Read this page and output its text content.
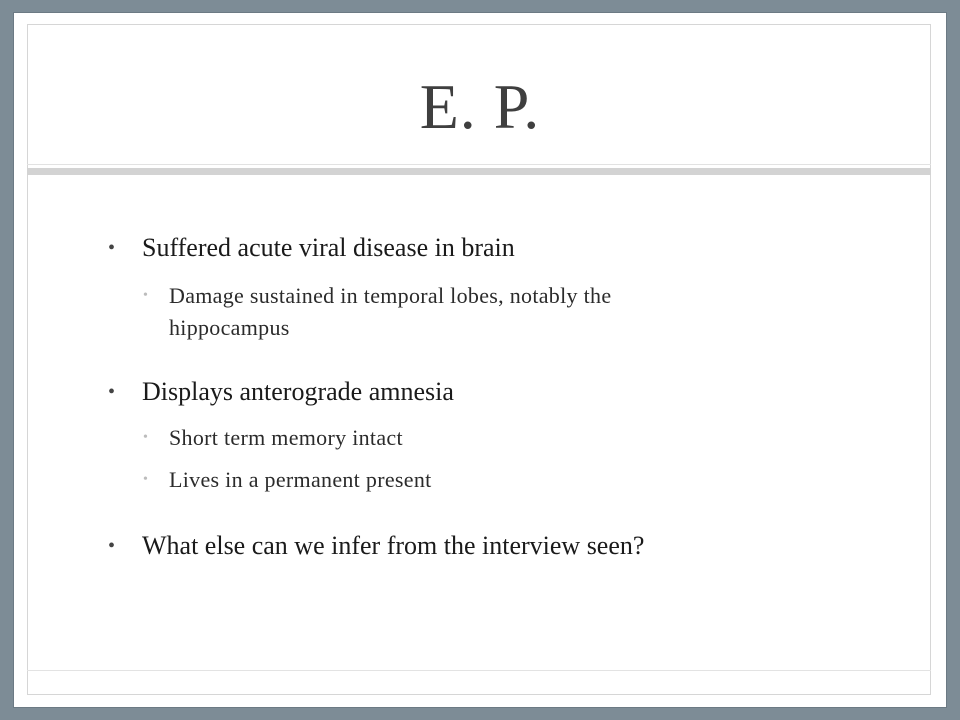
E. P.
• Suffered acute viral disease in brain
• Damage sustained in temporal lobes, notably the
hippocampus
• Displays anterograde amnesia
• Short term memory intact
• Lives in a permanent present
• What else can we infer from the interview seen?
